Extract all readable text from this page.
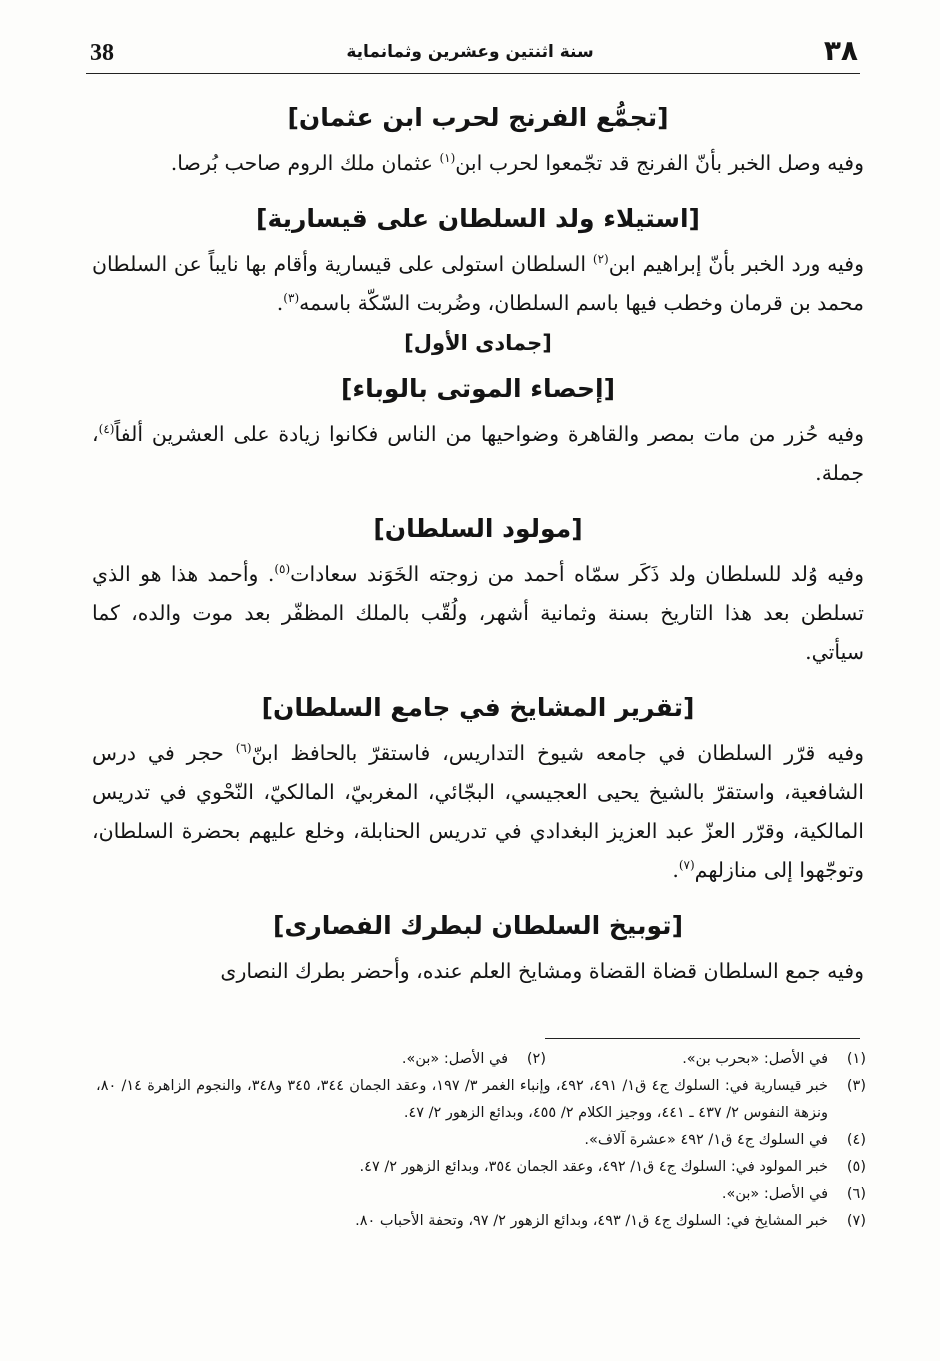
٣٨
سنة اثنتين وعشرين وثمانماية
38
[تجمُّع الفرنج لحرب ابن عثمان]

وفيه وصل الخبر بأنّ الفرنج قد تجّمعوا لحرب ابن$^{(١)}$ عثمان ملك الروم صاحب بُرصا.

[استيلاء ولد السلطان على قيسارية]

وفيه ورد الخبر بأنّ إبراهيم ابن$^{(٢)}$ السلطان استولى على قيسارية وأقام بها نايباً عن السلطان محمد بن قرمان وخطب فيها باسم السلطان، وضُربت السّكّة باسمه$^{(٣)}$.

[جمادى الأول]
[إحصاء الموتى بالوباء]

وفيه حُزر من مات بمصر والقاهرة وضواحيها من الناس فكانوا زيادة على العشرين ألفاً$^{(٤)}$، جملة.

[مولود السلطان]

وفيه وُلد للسلطان ولد ذَكَر سمّاه أحمد من زوجته الخَوَند سعادات$^{(٥)}$. وأحمد هذا هو الذي تسلطن بعد هذا التاريخ بسنة وثمانية أشهر، ولُقّب بالملك المظفّر بعد موت والده، كما سيأتي.

[تقرير المشايخ في جامع السلطان]

وفيه قرّر السلطان في جامعه شيوخ التداريس، فاستقرّ بالحافظ ابنّ$^{(٦)}$ حجر في درس الشافعية، واستقرّ بالشيخ يحيى العجيسي، البجّائي، المغربيّ، المالكيّ، النّحْوي في تدريس المالكية، وقرّر العزّ عبد العزيز البغدادي في تدريس الحنابلة، وخلع عليهم بحضرة السلطان، وتوجّهوا إلى منازلهم$^{(٧)}$.

[توبيخ السلطان لبطرك الفصارى]

وفيه جمع السلطان قضاة القضاة ومشايخ العلم عنده، وأحضر بطرك النصارى

(١)
في الأصل: «بحرب بن».
(٢)
في الأصل: «بن».
(٣)
خبر قيسارية في: السلوك ج٤ ق١/ ٤٩١، ٤٩٢، وإنباء الغمر ٣/ ١٩٧، وعقد الجمان ٣٤٤، ٣٤٥ و٣٤٨، والنجوم الزاهرة ١٤/ ٨٠، ونزهة النفوس ٢/ ٤٣٧ ـ ٤٤١، ووجيز الكلام ٢/ ٤٥٥، وبدائع الزهور ٢/ ٤٧.
(٤)
في السلوك ج٤ ق١/ ٤٩٢ «عشرة آلاف».
(٥)
خبر المولود في: السلوك ج٤ ق١/ ٤٩٢، وعقد الجمان ٣٥٤، وبدائع الزهور ٢/ ٤٧.
(٦)
في الأصل: «بن».
(٧)
خبر المشايخ في: السلوك ج٤ ق١/ ٤٩٣، وبدائع الزهور ٢/ ٩٧، وتحفة الأحباب ٨٠.
